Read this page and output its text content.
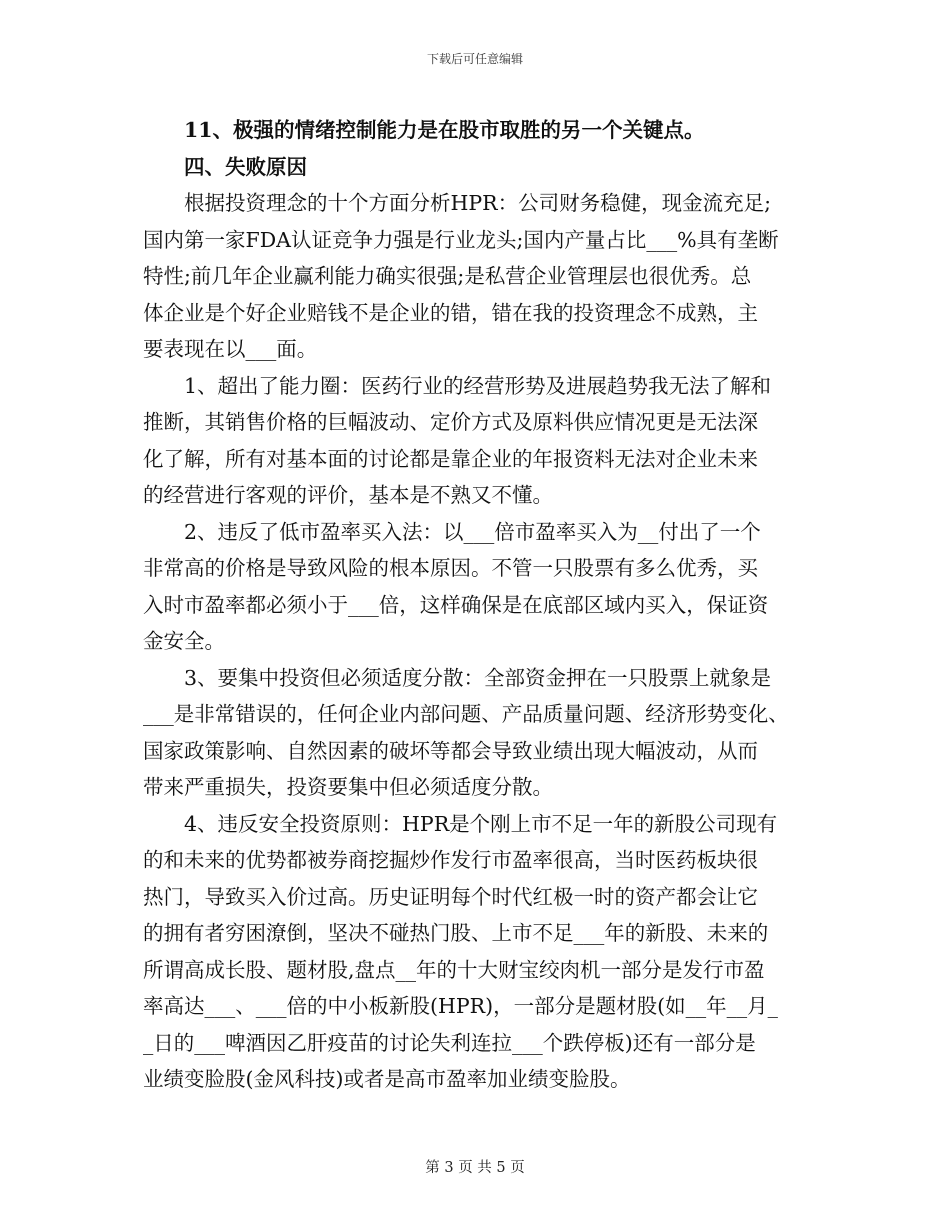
下载后可任意编辑
11、极强的情绪控制能力是在股市取胜的另一个关键点。
四、失败原因
根据投资理念的十个方面分析HPR：公司财务稳健，现金流充足;
国内第一家FDA认证竞争力强是行业龙头;国内产量占比___%具有垄断
特性;前几年企业赢利能力确实很强;是私营企业管理层也很优秀。总
体企业是个好企业赔钱不是企业的错，错在我的投资理念不成熟，主
要表现在以___面。
1、超出了能力圈：医药行业的经营形势及进展趋势我无法了解和
推断，其销售价格的巨幅波动、定价方式及原料供应情况更是无法深
化了解，所有对基本面的讨论都是靠企业的年报资料无法对企业未来
的经营进行客观的评价，基本是不熟又不懂。
2、违反了低市盈率买入法：以___倍市盈率买入为__付出了一个
非常高的价格是导致风险的根本原因。不管一只股票有多么优秀，买
入时市盈率都必须小于___倍，这样确保是在底部区域内买入，保证资
金安全。
3、要集中投资但必须适度分散：全部资金押在一只股票上就象是
___是非常错误的，任何企业内部问题、产品质量问题、经济形势变化、
国家政策影响、自然因素的破坏等都会导致业绩出现大幅波动，从而
带来严重损失，投资要集中但必须适度分散。
4、违反安全投资原则：HPR是个刚上市不足一年的新股公司现有
的和未来的优势都被券商挖掘炒作发行市盈率很高，当时医药板块很
热门，导致买入价过高。历史证明每个时代红极一时的资产都会让它
的拥有者穷困潦倒，坚决不碰热门股、上市不足___年的新股、未来的
所谓高成长股、题材股,盘点__年的十大财宝绞肉机一部分是发行市盈
率高达___、___倍的中小板新股(HPR)，一部分是题材股(如__年__月_
_日的___啤酒因乙肝疫苗的讨论失利连拉___个跌停板)还有一部分是
业绩变脸股(金风科技)或者是高市盈率加业绩变脸股。
第 3 页 共 5 页
